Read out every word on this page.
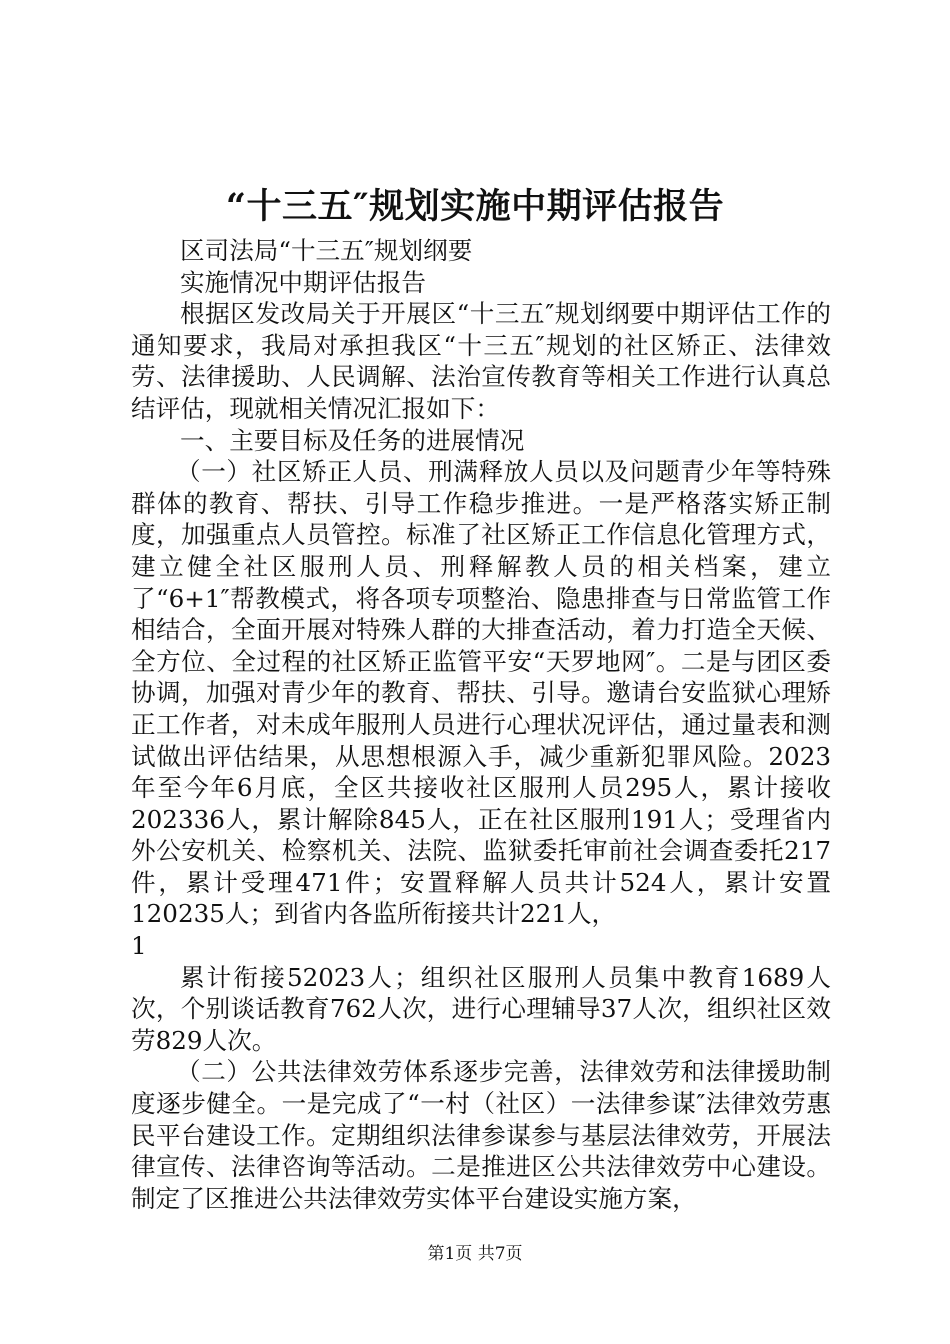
“十三五″规划实施中期评估报告

区司法局“十三五″规划纲要

实施情况中期评估报告

根据区发改局关于开展区“十三五″规划纲要中期评估工作的通知要求，我局对承担我区“十三五″规划的社区矫正、法律效劳、法律援助、人民调解、法治宣传教育等相关工作进行认真总结评估，现就相关情况汇报如下：

一、主要目标及任务的进展情况

（一）社区矫正人员、刑满释放人员以及问题青少年等特殊群体的教育、帮扶、引导工作稳步推进。一是严格落实矫正制度，加强重点人员管控。标准了社区矫正工作信息化管理方式，建立健全社区服刑人员、刑释解教人员的相关档案，建立了“6+1″帮教模式，将各项专项整治、隐患排查与日常监管工作相结合，全面开展对特殊人群的大排查活动，着力打造全天候、全方位、全过程的社区矫正监管平安“天罗地网″。二是与团区委协调，加强对青少年的教育、帮扶、引导。邀请台安监狱心理矫正工作者，对未成年服刑人员进行心理状况评估，通过量表和测试做出评估结果，从思想根源入手，减少重新犯罪风险。2023年至今年6月底，全区共接收社区服刑人员295人，累计接收202336人，累计解除845人，正在社区服刑191人；受理省内外公安机关、检察机关、法院、监狱委托审前社会调查委托217件，累计受理471件；安置释解人员共计524人，累计安置120235人；到省内各监所衔接共计221人，

1

累计衔接52023人；组织社区服刑人员集中教育1689人次，个别谈话教育762人次，进行心理辅导37人次，组织社区效劳829人次。

（二）公共法律效劳体系逐步完善，法律效劳和法律援助制度逐步健全。一是完成了“一村（社区）一法律参谋″法律效劳惠民平台建设工作。定期组织法律参谋参与基层法律效劳，开展法律宣传、法律咨询等活动。二是推进区公共法律效劳中心建设。制定了区推进公共法律效劳实体平台建设实施方案，

第1页 共7页
